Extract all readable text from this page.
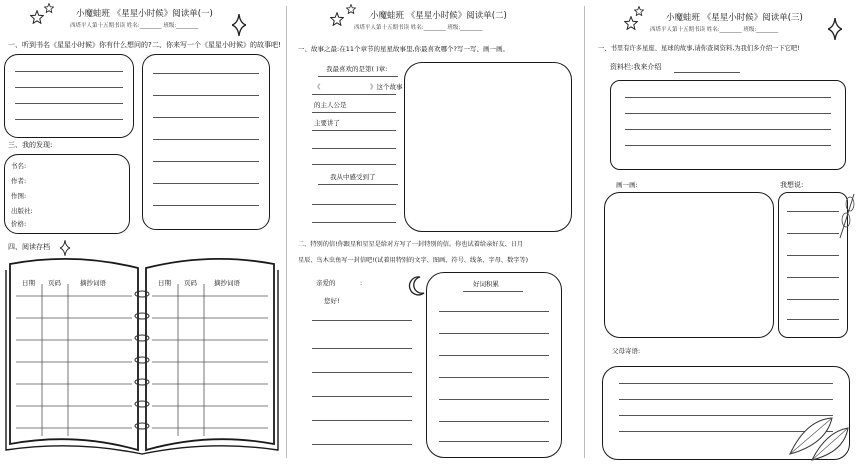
小魔蛙班 《星星小时候》阅读单(一)
西塔平人第十五期书读 姓名:________ 班级:________
一、听到书名《星星小时候》你有什么想问的? 二、你来写一个《星星小时候》的故事吧!
三、我的发现:
书名:
作者:
作图:
出版社:
价格:
四、阅读存档
日期 页码	摘抄词语	日期 页码	摘抄词语
小魔蛙班 《星星小时候》阅读单(二)
西塔平人第十五期书读 姓名:________ 班级:________
一、故事之最:在11个章节的星星故事里,你最喜欢哪个?写一写、画一画。
我最喜欢的是第( )章:
《	》这个故事
的主人公是
主要讲了
我从中感受到了
二、特别的信!你跟星和星星是给对方写了一封特别的信。你也试着给亲好友、日月
星辰、鸟木虫鱼写一封信吧!(试着用特别的文字、图画、符号、线条、字母、数字等)
亲爱的	:
您好!
好词积累
小魔蛙班 《星星小时候》阅读单(三)
西塔平人第十五期书读 姓名:________ 班级:________
一、书里有许多星座、星球的故事,请你查阅资料,为我们多介绍一下它吧!
资料栏:我来介绍
画一画:	我想说:
父母寄语:
